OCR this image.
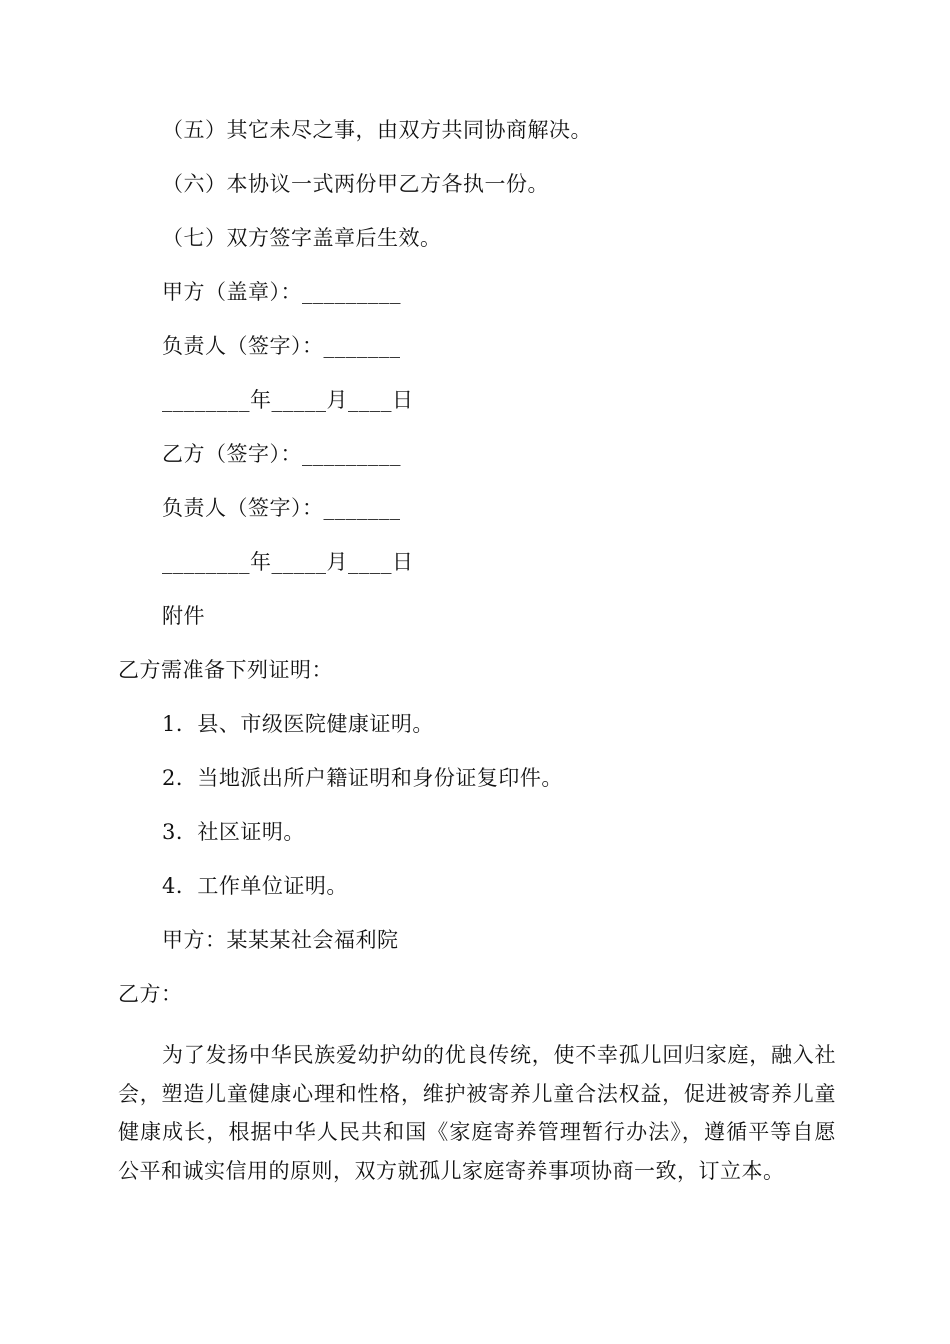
（五）其它未尽之事，由双方共同协商解决。
（六）本协议一式两份甲乙方各执一份。
（七）双方签字盖章后生效。
甲方（盖章）：_________
负责人（签字）：_______
________年_____月____日
乙方（签字）：_________
负责人（签字）：_______
________年_____月____日
附件
乙方需准备下列证明：
1．县、市级医院健康证明。
2．当地派出所户籍证明和身份证复印件。
3．社区证明。
4．工作单位证明。
甲方：某某某社会福利院
乙方：
为了发扬中华民族爱幼护幼的优良传统，使不幸孤儿回归家庭，融入社会，塑造儿童健康心理和性格，维护被寄养儿童合法权益，促进被寄养儿童健康成长，根据中华人民共和国《家庭寄养管理暂行办法》，遵循平等自愿公平和诚实信用的原则，双方就孤儿家庭寄养事项协商一致，订立本。
